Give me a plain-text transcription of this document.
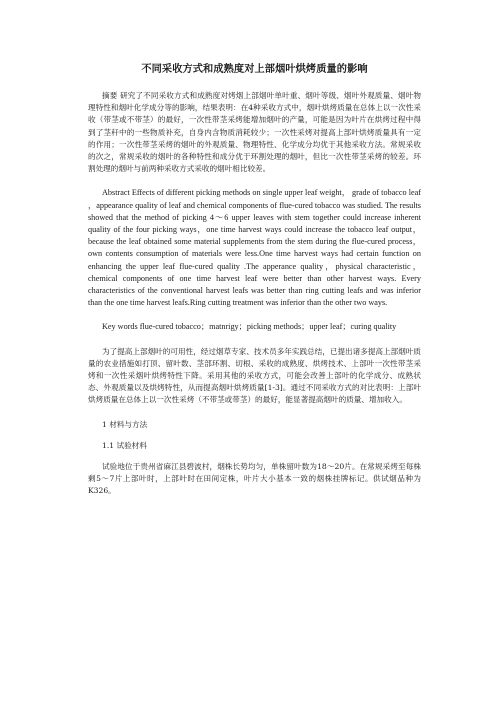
不同采收方式和成熟度对上部烟叶烘烤质量的影响

摘要 研究了不同采收方式和成熟度对烤烟上部烟叶单叶重、烟叶等级、烟叶外观质量、烟叶物理特性和烟叶化学成分等的影响，结果表明：在4种采收方式中，烟叶烘烤质量在总体上以一次性采收（带茎或不带茎）的最好，一次性带茎采烤能增加烟叶的产量，可能是因为叶片在烘烤过程中得到了茎秆中的一些物质补充，自身内含物质消耗较少；一次性采烤对提高上部叶烘烤质量具有一定的作用；一次性带茎采烤的烟叶的外观质量、物理特性、化学成分均优于其他采收方法。常规采收的次之，常规采收的烟叶的各种特性和成分优于环割处理的烟叶，但比一次性带茎采烤的较差。环割处理的烟叶与前两种采收方式采收的烟叶相比较差。

Abstract Effects of different picking methods on single upper leaf weight， grade of tobacco leaf ，appearance quality of leaf and chemical components of flue-cured tobacco was studied. The results showed that the method of picking 4～6 upper leaves with stem together could increase inherent quality of the four picking ways，one time harvest ways could increase the tobacco leaf output，because the leaf obtained some material supplements from the stem during the flue-cured process，own contents consumption of materials were less.One time harvest ways had certain function on enhancing the upper leaf flue-cured quality .The apperance quality，physical characteristic，chemical components of one time harvest leaf were better than other harvest ways. Every characteristics of the conventional harvest leafs was better than ring cutting leafs and was inferior than the one time harvest leafs.Ring cutting treatment was inferior than the other two ways.

Key words flue-cured tobacco；matnrigy；picking methods；upper leaf；curing quality

为了提高上部烟叶的可用性，经过烟草专家、技术员多年实践总结，已提出诸多提高上部烟叶质量的农业措施如打顶、留叶数、茎部环割、切根、采收的成熟度、烘烤技术、上部叶一次性带茎采烤和一次性采烟叶烘烤特性下降。采用其他的采收方式，可能会改善上部叶的化学成分、成熟状态、外观质量以及烘烤特性，从而提高烟叶烘烤质量[1-3]。通过不同采收方式的对比表明：上部叶烘烤质量在总体上以一次性采烤（不带茎或带茎）的最好，能显著提高烟叶的质量、增加收入。

1 材料与方法

1.1 试验材料

试验地位于贵州省麻江县碧波村，烟株长势均匀，单株留叶数为18～20片。在常规采烤至每株剩5～7片上部叶时，上部叶时在田间定株，叶片大小基本一致的烟株挂牌标记。供试烟品种为K326。
